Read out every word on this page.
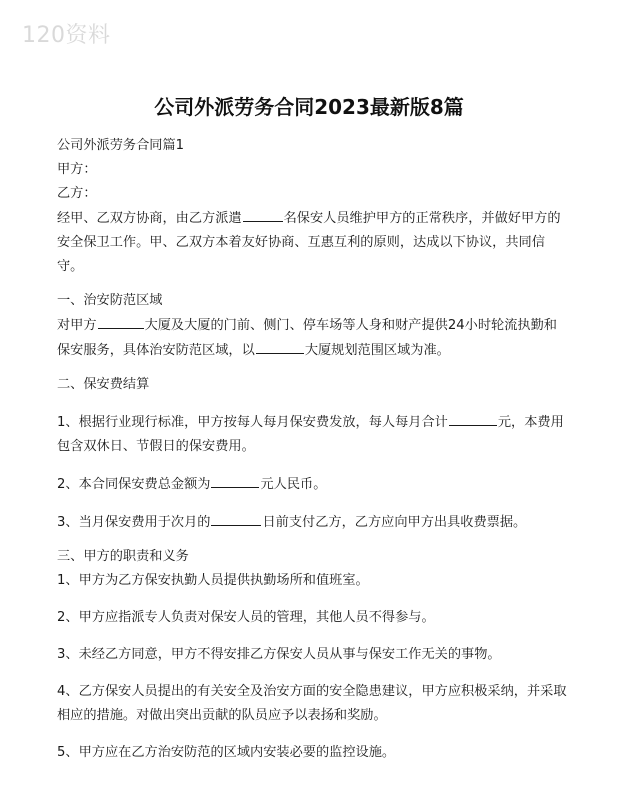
120资料
公司外派劳务合同2023最新版8篇

公司外派劳务合同篇1

甲方：

乙方：

经甲、乙双方协商，由乙方派遣	名保安人员维护甲方的正常秩序，并做好甲方的安全保卫工作。甲、乙双方本着友好协商、互惠互利的原则，达成以下协议，共同信守。

一、治安防范区域

对甲方	大厦及大厦的门前、侧门、停车场等人身和财产提供24小时轮流执勤和保安服务，具体治安防范区域，以	大厦规划范围区域为准。

二、保安费结算

1、根据行业现行标准，甲方按每人每月保安费发放，每人每月合计	元，本费用包含双休日、节假日的保安费用。

2、本合同保安费总金额为	元人民币。

3、当月保安费用于次月的	日前支付乙方，乙方应向甲方出具收费票据。

三、甲方的职责和义务

1、甲方为乙方保安执勤人员提供执勤场所和值班室。

2、甲方应指派专人负责对保安人员的管理，其他人员不得参与。

3、未经乙方同意，甲方不得安排乙方保安人员从事与保安工作无关的事物。

4、乙方保安人员提出的有关安全及治安方面的安全隐患建议，甲方应积极采纳，并采取相应的措施。对做出突出贡献的队员应予以表扬和奖励。

5、甲方应在乙方治安防范的区域内安装必要的监控设施。
